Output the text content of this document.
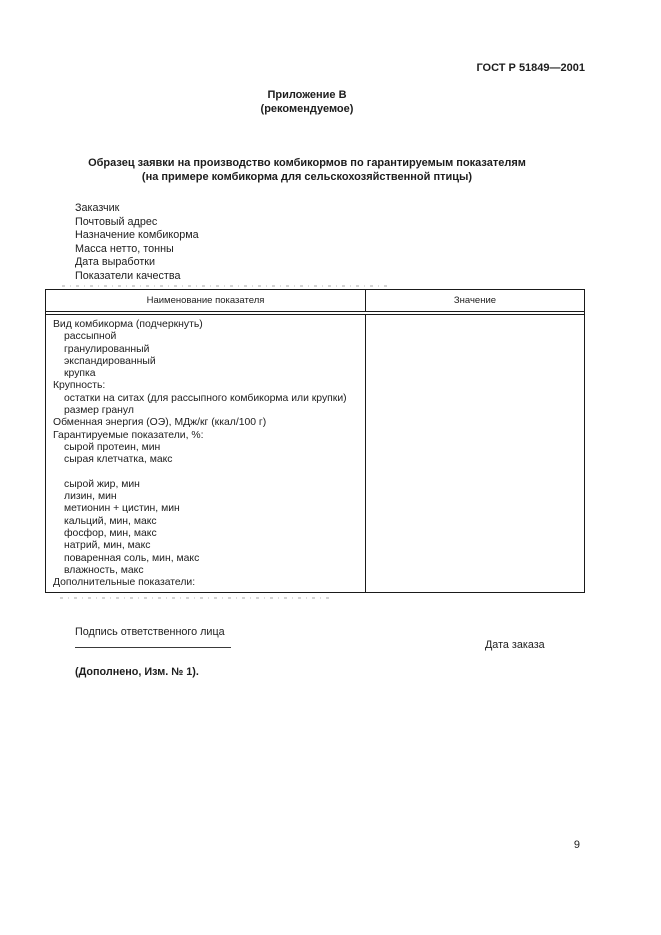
ГОСТ Р 51849—2001
Приложение В
(рекомендуемое)
Образец заявки на производство комбикормов по гарантируемым показателям
(на примере комбикорма для сельскохозяйственной птицы)
Заказчик
Почтовый адрес
Назначение комбикорма
Масса нетто, тонны
Дата выработки
Показатели качества
Наименование показателя	Значение
Вид комбикорма (подчеркнуть)
рассыпной
гранулированный
экспандированный
крупка
Крупность:
остатки на ситах (для рассыпного комбикорма или крупки)
размер гранул
Обменная энергия (ОЭ), МДж/кг (ккал/100 г)
Гарантируемые показатели, %:
сырой протеин, мин
сырая клетчатка, макс

сырой жир, мин
лизин, мин
метионин + цистин, мин
кальций, мин, макс
фосфор, мин, макс
натрий, мин, макс
поваренная соль, мин, макс
влажность, макс
Дополнительные показатели:
Подпись ответственного лица
Дата заказа
(Дополнено, Изм. № 1).
9
